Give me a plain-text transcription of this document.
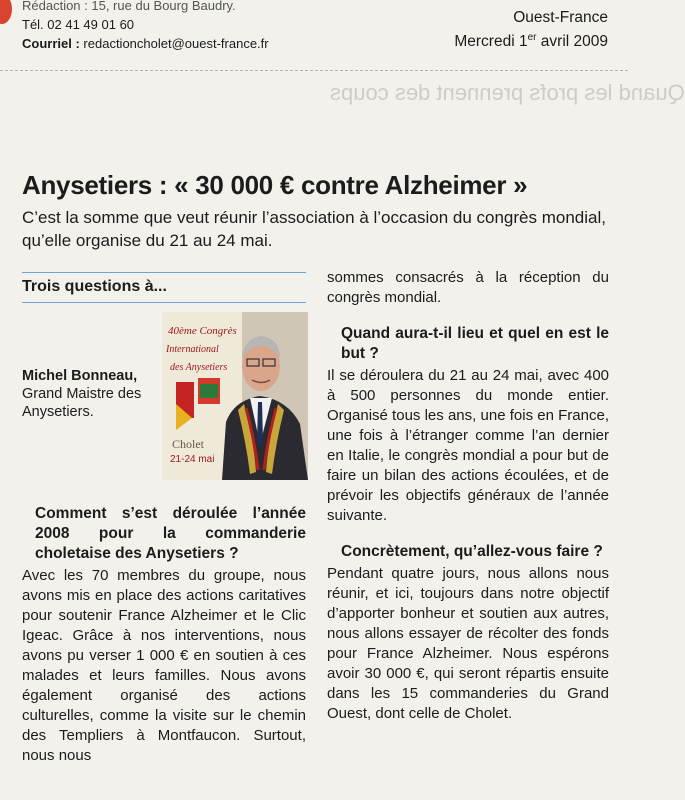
Rédaction : 15, rue du Bourg Baudry.
Tél. 02 41 49 01 60
Courriel : redactioncholet@ouest-france.fr
Ouest-France
Mercredi 1er avril 2009
Quand les profs prennent des coups
Anysetiers : « 30 000 € contre Alzheimer »
C’est la somme que veut réunir l’association à l’occasion du congrès mondial, qu’elle organise du 21 au 24 mai.
Trois questions à...
Michel Bonneau,
Grand Maistre des Anysetiers.
40ème Congrès
International
des Anysetiers
Cholet
21-24 mai
Comment s’est déroulée l’année 2008 pour la commanderie choletaise des Anysetiers ?

Avec les 70 membres du groupe, nous avons mis en place des actions caritatives pour soutenir France Alzheimer et le Clic Igeac. Grâce à nos interventions, nous avons pu verser 1 000 € en soutien à ces malades et leurs familles. Nous avons également organisé des actions culturelles, comme la visite sur le chemin des Templiers à Montfaucon. Surtout, nous nous

sommes consacrés à la réception du congrès mondial.

Quand aura-t-il lieu et quel en est le but ?

Il se déroulera du 21 au 24 mai, avec 400 à 500 personnes du monde entier. Organisé tous les ans, une fois en France, une fois à l’étranger comme l’an dernier en Italie, le congrès mondial a pour but de faire un bilan des actions écoulées, et de prévoir les objectifs généraux de l’année suivante.

Concrètement, qu’allez-vous faire ?

Pendant quatre jours, nous allons nous réunir, et ici, toujours dans notre objectif d’apporter bonheur et soutien aux autres, nous allons essayer de récolter des fonds pour France Alzheimer. Nous espérons avoir 30 000 €, qui seront répartis ensuite dans les 15 commanderies du Grand Ouest, dont celle de Cholet.
